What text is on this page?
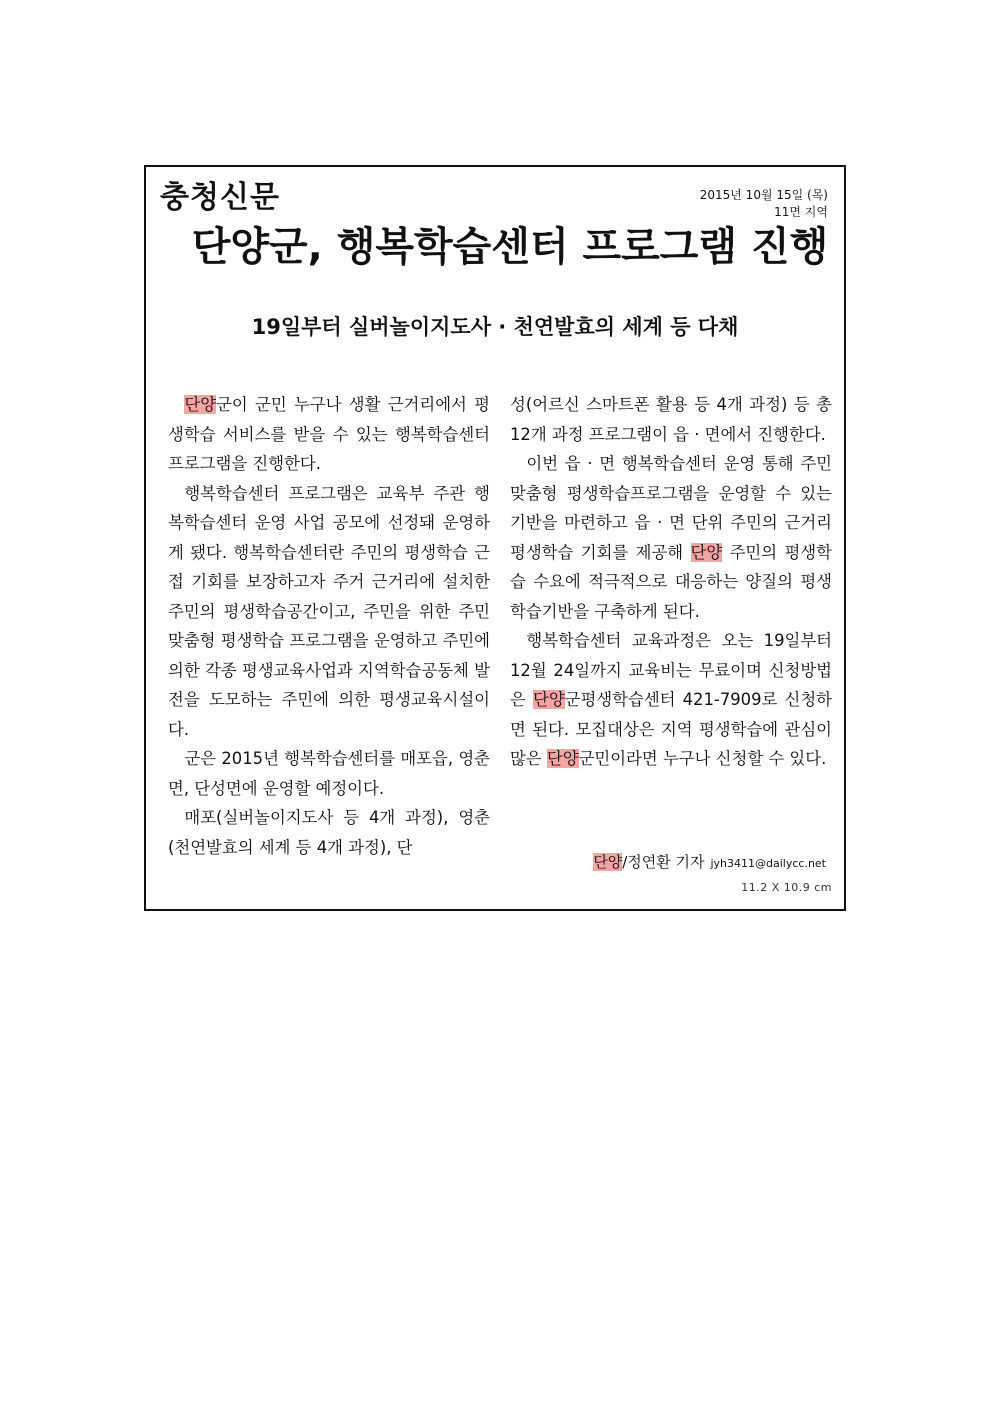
충청신문	2015년 10월 15일 (목)
11면 지역
단양군, 행복학습센터 프로그램 진행
19일부터 실버놀이지도사 · 천연발효의 세계 등 다채

단양군이 군민 누구나 생활 근거리에서 평생학습 서비스를 받을 수 있는 행복학습센터 프로그램을 진행한다.

행복학습센터 프로그램은 교육부 주관 행복학습센터 운영 사업 공모에 선정돼 운영하게 됐다. 행복학습센터란 주민의 평생학습 근접 기회를 보장하고자 주거 근거리에 설치한 주민의 평생학습공간이고, 주민을 위한 주민 맞춤형 평생학습 프로그램을 운영하고 주민에 의한 각종 평생교육사업과 지역학습공동체 발전을 도모하는 주민에 의한 평생교육시설이다.

군은 2015년 행복학습센터를 매포읍, 영춘면, 단성면에 운영할 예정이다.

매포(실버놀이지도사 등 4개 과정), 영춘(천연발효의 세계 등 4개 과정), 단

성(어르신 스마트폰 활용 등 4개 과정) 등 총 12개 과정 프로그램이 읍 · 면에서 진행한다.

이번 읍 · 면 행복학습센터 운영 통해 주민 맞춤형 평생학습프로그램을 운영할 수 있는 기반을 마련하고 읍 · 면 단위 주민의 근거리 평생학습 기회를 제공해 단양 주민의 평생학습 수요에 적극적으로 대응하는 양질의 평생학습기반을 구축하게 된다.

행복학습센터 교육과정은 오는 19일부터 12월 24일까지 교육비는 무료이며 신청방법은 단양군평생학습센터 421-7909로 신청하면 된다. 모집대상은 지역 평생학습에 관심이 많은 단양군민이라면 누구나 신청할 수 있다.

단양/정연환 기자 jyh3411@dailycc.net
11.2 X 10.9 cm
